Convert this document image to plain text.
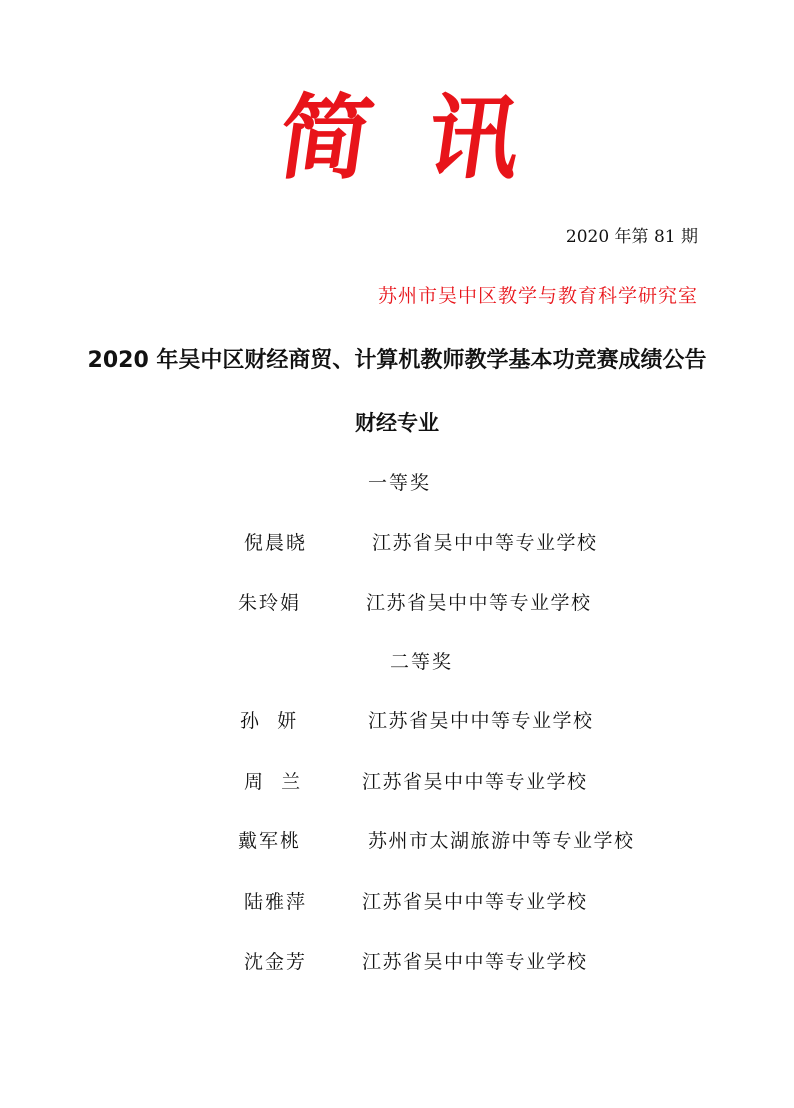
简 讯
2020 年第 81 期
苏州市吴中区教学与教育科学研究室
2020 年吴中区财经商贸、计算机教师教学基本功竞赛成绩公告
财经专业
一等奖
倪晨晓	江苏省吴中中等专业学校
朱玲娟	江苏省吴中中等专业学校
二等奖
孙  妍	江苏省吴中中等专业学校
周  兰	江苏省吴中中等专业学校
戴军桃	苏州市太湖旅游中等专业学校
陆雅萍	江苏省吴中中等专业学校
沈金芳	江苏省吴中中等专业学校
